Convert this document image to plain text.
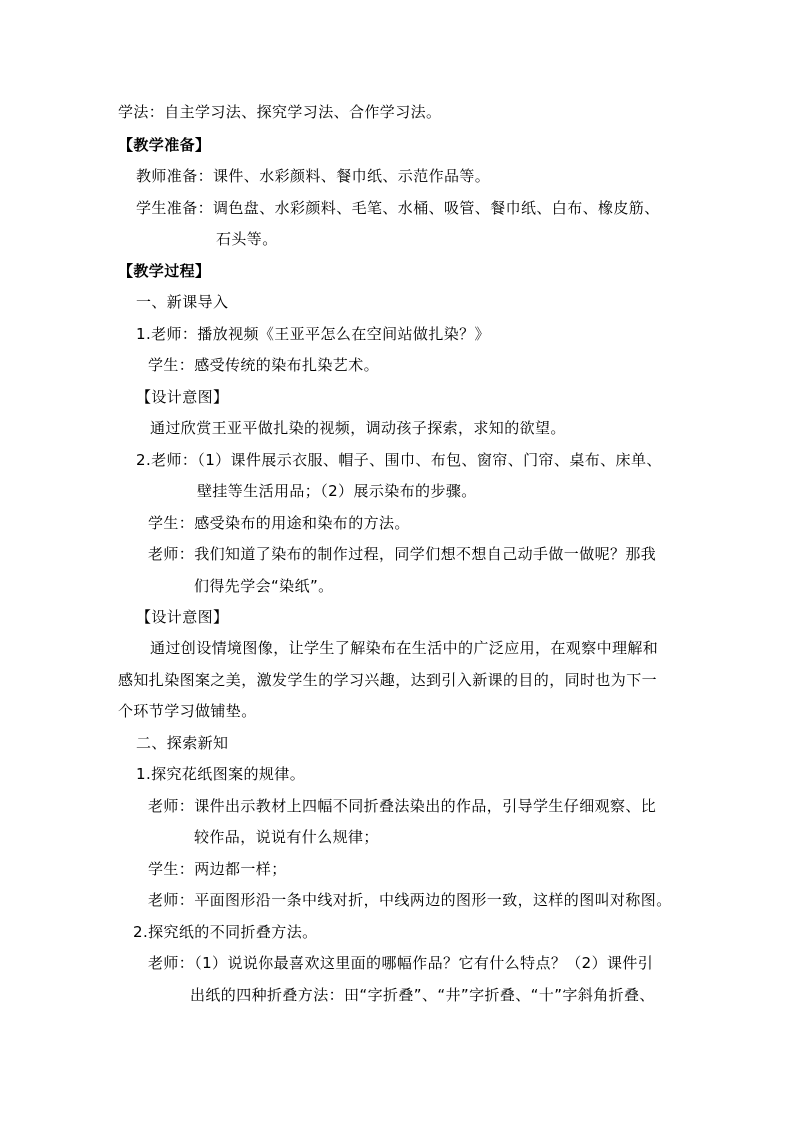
学法：自主学习法、探究学习法、合作学习法。
【教学准备】
教师准备：课件、水彩颜料、餐巾纸、示范作品等。
学生准备：调色盘、水彩颜料、毛笔、水桶、吸管、餐巾纸、白布、橡皮筋、
石头等。
【教学过程】
一、新课导入
1.老师：播放视频《王亚平怎么在空间站做扎染？》
学生：感受传统的染布扎染艺术。
【设计意图】
通过欣赏王亚平做扎染的视频，调动孩子探索，求知的欲望。
2.老师：（1）课件展示衣服、帽子、围巾、布包、窗帘、门帘、桌布、床单、
壁挂等生活用品；（2）展示染布的步骤。
学生：感受染布的用途和染布的方法。
老师：我们知道了染布的制作过程，同学们想不想自己动手做一做呢？那我
们得先学会“染纸”。
【设计意图】
通过创设情境图像，让学生了解染布在生活中的广泛应用，在观察中理解和
感知扎染图案之美，激发学生的学习兴趣，达到引入新课的目的，同时也为下一
个环节学习做铺垫。
二、探索新知
1.探究花纸图案的规律。
老师：课件出示教材上四幅不同折叠法染出的作品，引导学生仔细观察、比
较作品，说说有什么规律；
学生：两边都一样；
老师：平面图形沿一条中线对折，中线两边的图形一致，这样的图叫对称图。
2.探究纸的不同折叠方法。
老师：（1）说说你最喜欢这里面的哪幅作品？它有什么特点？（2）课件引
出纸的四种折叠方法：田“字折叠”、“井”字折叠、“十”字斜角折叠、
